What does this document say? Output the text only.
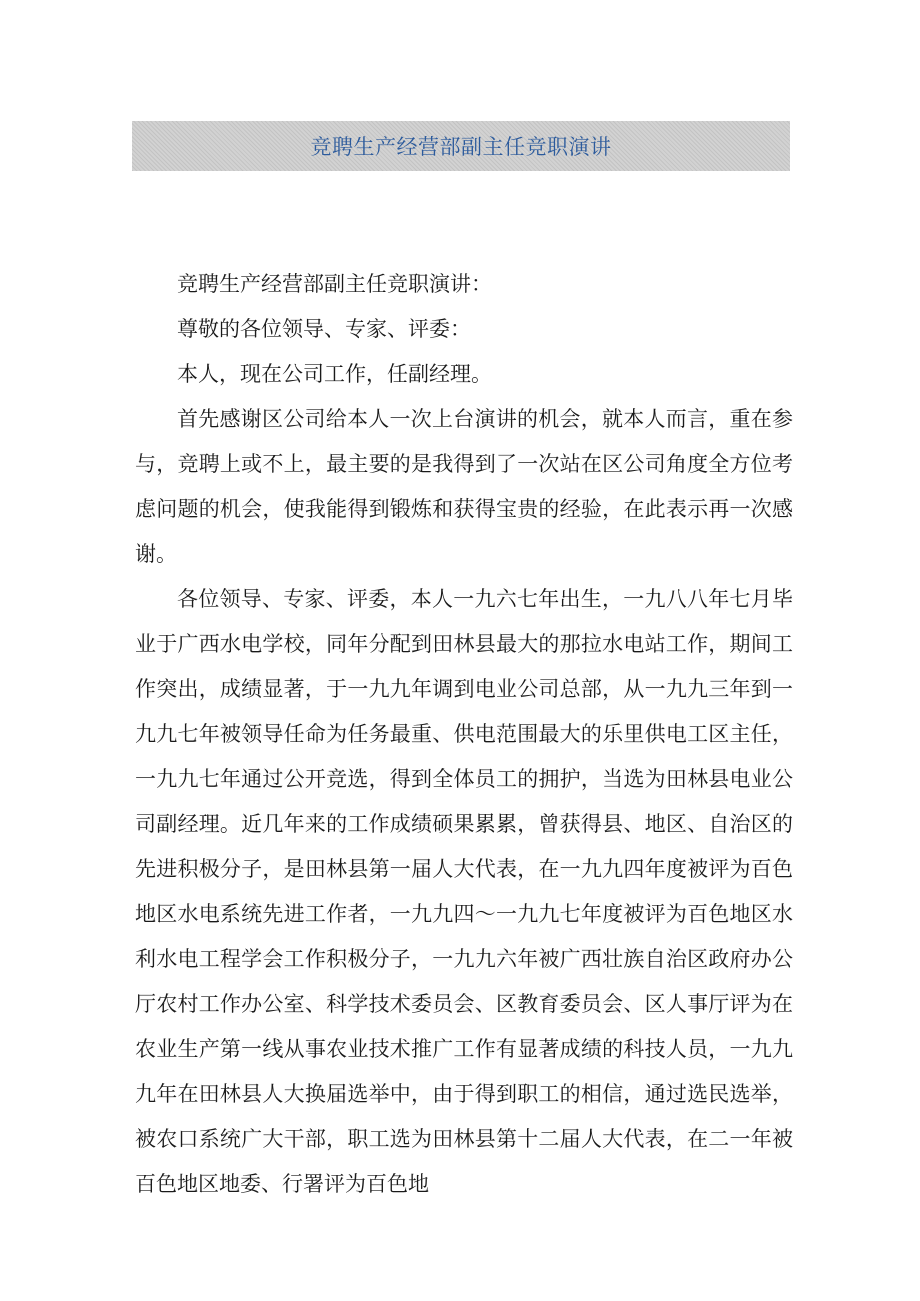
竞聘生产经营部副主任竞职演讲

竞聘生产经营部副主任竞职演讲：

尊敬的各位领导、专家、评委：

本人，现在公司工作，任副经理。

首先感谢区公司给本人一次上台演讲的机会，就本人而言，重在参与，竞聘上或不上，最主要的是我得到了一次站在区公司角度全方位考虑问题的机会，使我能得到锻炼和获得宝贵的经验，在此表示再一次感谢。

各位领导、专家、评委，本人一九六七年出生，一九八八年七月毕业于广西水电学校，同年分配到田林县最大的那拉水电站工作，期间工作突出，成绩显著，于一九九年调到电业公司总部，从一九九三年到一九九七年被领导任命为任务最重、供电范围最大的乐里供电工区主任，一九九七年通过公开竞选，得到全体员工的拥护，当选为田林县电业公司副经理。近几年来的工作成绩硕果累累，曾获得县、地区、自治区的先进积极分子，是田林县第一届人大代表，在一九九四年度被评为百色地区水电系统先进工作者，一九九四～一九九七年度被评为百色地区水利水电工程学会工作积极分子，一九九六年被广西壮族自治区政府办公厅农村工作办公室、科学技术委员会、区教育委员会、区人事厅评为在农业生产第一线从事农业技术推广工作有显著成绩的科技人员，一九九九年在田林县人大换届选举中，由于得到职工的相信，通过选民选举，被农口系统广大干部，职工选为田林县第十二届人大代表，在二一年被百色地区地委、行署评为百色地
